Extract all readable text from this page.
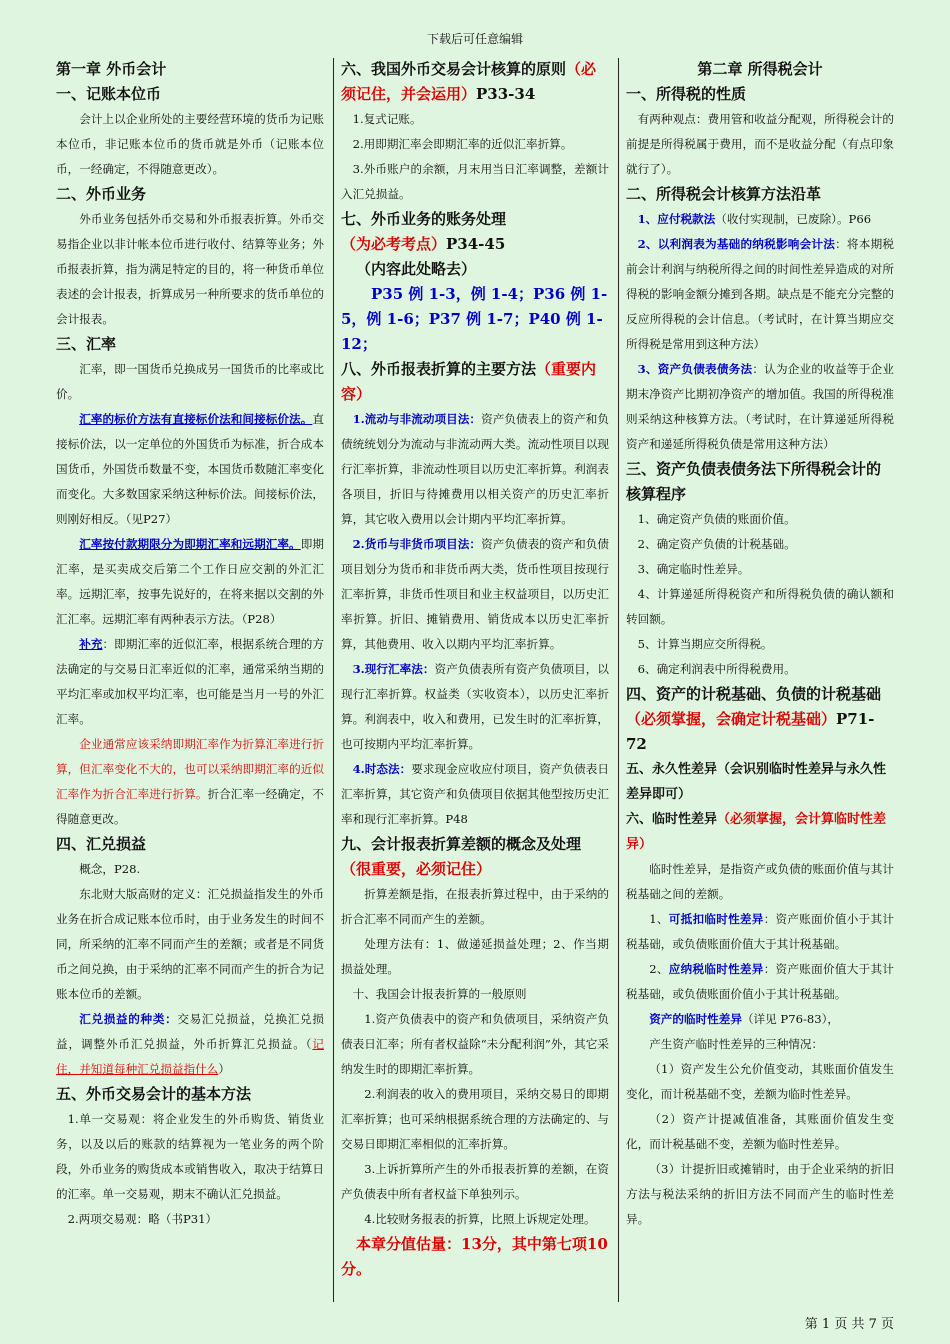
下载后可任意编辑
第一章 外币会计
一、记账本位币

会计上以企业所处的主要经营环境的货币为记账本位币，非记账本位币的货币就是外币（记账本位币，一经确定，不得随意更改）。

二、外币业务

外币业务包括外币交易和外币报表折算。外币交易指企业以非计帐本位币进行收付、结算等业务；外币报表折算，指为满足特定的目的，将一种货币单位表述的会计报表，折算成另一种所要求的货币单位的会计报表。

三、汇率

汇率，即一国货币兑换成另一国货币的比率或比价。

汇率的标价方法有直接标价法和间接标价法。直接标价法，以一定单位的外国货币为标准，折合成本国货币，外国货币数量不变，本国货币数随汇率变化而变化。大多数国家采纳这种标价法。间接标价法，则刚好相反。（见P27）

汇率按付款期限分为即期汇率和远期汇率。即期汇率，是买卖成交后第二个工作日应交割的外汇汇率。远期汇率，按事先说好的，在将来据以交割的外汇汇率。远期汇率有两种表示方法。（P28）

补充：即期汇率的近似汇率，根据系统合理的方法确定的与交易日汇率近似的汇率，通常采纳当期的平均汇率或加权平均汇率，也可能是当月一号的外汇汇率。

企业通常应该采纳即期汇率作为折算汇率进行折算，但汇率变化不大的，也可以采纳即期汇率的近似汇率作为折合汇率进行折算。折合汇率一经确定，不得随意更改。

四、汇兑损益

概念，P28.

东北财大版高财的定义：汇兑损益指发生的外币业务在折合成记账本位币时，由于业务发生的时间不同，所采纳的汇率不同而产生的差额；或者是不同货币之间兑换，由于采纳的汇率不同而产生的折合为记账本位币的差额。

汇兑损益的种类：交易汇兑损益，兑换汇兑损益，调整外币汇兑损益，外币折算汇兑损益。（记住，并知道每种汇兑损益指什么）

五、外币交易会计的基本方法

1.单一交易观：将企业发生的外币购货、销货业务，以及以后的账款的结算视为一笔业务的两个阶段，外币业务的购货成本或销售收入，取决于结算日的汇率。单一交易观，期末不确认汇兑损益。

2.两项交易观：略（书P31）

六、我国外币交易会计核算的原则（必须记住，并会运用）P33-34

1.复式记账。

2.用即期汇率会即期汇率的近似汇率折算。

3.外币账户的余额，月末用当日汇率调整，差额计入汇兑损益。

七、外币业务的账务处理（为必考考点）P34-45
（内容此处略去）
P35 例 1-3，例 1-4；P36 例 1-5，例 1-6；P37 例 1-7；P40 例 1-12；
八、外币报表折算的主要方法（重要内容）

1.流动与非流动项目法：资产负债表上的资产和负债统统划分为流动与非流动两大类。流动性项目以现行汇率折算，非流动性项目以历史汇率折算。利润表各项目，折旧与待摊费用以相关资产的历史汇率折算，其它收入费用以会计期内平均汇率折算。

2.货币与非货币项目法：资产负债表的资产和负债项目划分为货币和非货币两大类，货币性项目按现行汇率折算，非货币性项目和业主权益项目，以历史汇率折算。折旧、摊销费用、销货成本以历史汇率折算，其他费用、收入以期内平均汇率折算。

3.现行汇率法：资产负债表所有资产负债项目，以现行汇率折算。权益类（实收资本），以历史汇率折算。利润表中，收入和费用，已发生时的汇率折算，也可按期内平均汇率折算。

4.时态法：要求现金应收应付项目，资产负债表日汇率折算，其它资产和负债项目依据其他型按历史汇率和现行汇率折算。P48

九、会计报表折算差额的概念及处理（很重要，必须记住）

折算差额是指，在报表折算过程中，由于采纳的折合汇率不同而产生的差额。

处理方法有：1、做递延损益处理；2、作当期损益处理。

十、我国会计报表折算的一般原则

1.资产负债表中的资产和负债项目，采纳资产负债表日汇率；所有者权益除“未分配利润”外，其它采纳发生时的即期汇率折算。

2.利润表的收入的费用项目，采纳交易日的即期汇率折算；也可采纳根据系统合理的方法确定的、与交易日即期汇率相似的汇率折算。

3.上诉折算所产生的外币报表折算的差额，在资产负债表中所有者权益下单独列示。

4.比较财务报表的折算，比照上诉规定处理。

本章分值估量：13分，其中第七项10分。
第二章 所得税会计
一、所得税的性质

有两种观点：费用管和收益分配观，所得税会计的前提是所得税属于费用，而不是收益分配（有点印象就行了）。

二、所得税会计核算方法沿革

1、应付税款法（收付实现制，已废除）。P66

2、以利润表为基础的纳税影响会计法：将本期税前会计利润与纳税所得之间的时间性差异造成的对所得税的影响金额分摊到各期。缺点是不能充分完整的反应所得税的会计信息。（考试时，在计算当期应交所得税是常用到这种方法）

3、资产负债表债务法：认为企业的收益等于企业期末净资产比期初净资产的增加值。我国的所得税准则采纳这种核算方法。（考试时，在计算递延所得税资产和递延所得税负债是常用这种方法）

三、资产负债表债务法下所得税会计的核算程序

1、确定资产负债的账面价值。

2、确定资产负债的计税基础。

3、确定临时性差异。

4、计算递延所得税资产和所得税负债的确认额和转回额。

5、计算当期应交所得税。

6、确定利润表中所得税费用。

四、资产的计税基础、负债的计税基础（必须掌握，会确定计税基础）P71-72
五、永久性差异（会识别临时性差异与永久性差异即可）
六、临时性差异（必须掌握，会计算临时性差异）

临时性差异，是指资产或负债的账面价值与其计税基础之间的差额。

1、可抵扣临时性差异：资产账面价值小于其计税基础，或负债账面价值大于其计税基础。

2、应纳税临时性差异：资产账面价值大于其计税基础，或负债账面价值小于其计税基础。

资产的临时性差异（详见 P76-83），

产生资产临时性差异的三种情况：

（1）资产发生公允价值变动，其账面价值发生变化，而计税基础不变，差额为临时性差异。

（2）资产计提减值准备，其账面价值发生变化，而计税基础不变，差额为临时性差异。

（3）计提折旧或摊销时，由于企业采纳的折旧方法与税法采纳的折旧方法不同而产生的临时性差异。

第 1 页 共 7 页
